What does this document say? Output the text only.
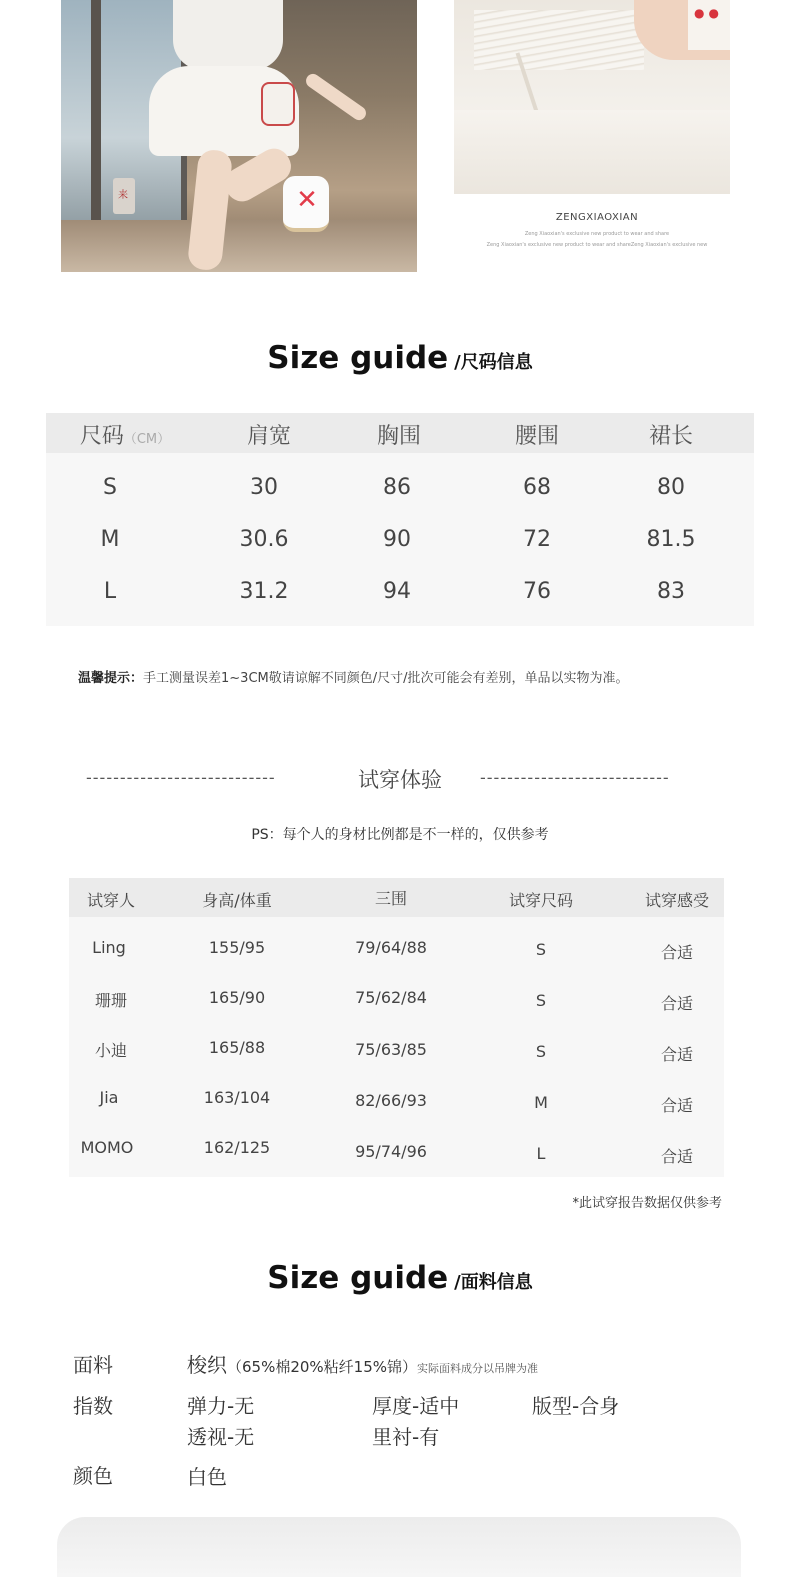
来	✕
●●
ZENGXIAOXIAN
Zeng Xiaoxian's exclusive new product to wear and share
Zeng Xiaoxian's exclusive new product to wear and shareZeng Xiaoxian's exclusive new
Size guide /尺码信息
尺码（CM）	肩宽	胸围	腰围	裙长
S	30	86	68	80
M	30.6	90	72	81.5
L	31.2	94	76	83
温馨提示：手工测量误差1~3CM敬请谅解不同颜色/尺寸/批次可能会有差别，单品以实物为准。
----------------------------	试穿体验	----------------------------
PS：每个人的身材比例都是不一样的，仅供参考
试穿人	身高/体重	三围	试穿尺码	试穿感受
Ling	155/95	79/64/88	S	合适
珊珊	165/90	75/62/84	S	合适
小迪	165/88	75/63/85	S	合适
Jia	163/104	82/66/93	M	合适
MOMO	162/125	95/74/96	L	合适
*此试穿报告数据仅供参考
Size guide /面料信息
面料	梭织（65%棉20%粘纤15%锦）实际面料成分以吊牌为准
指数	弹力-无	厚度-适中	版型-合身
透视-无	里衬-有
颜色	白色
